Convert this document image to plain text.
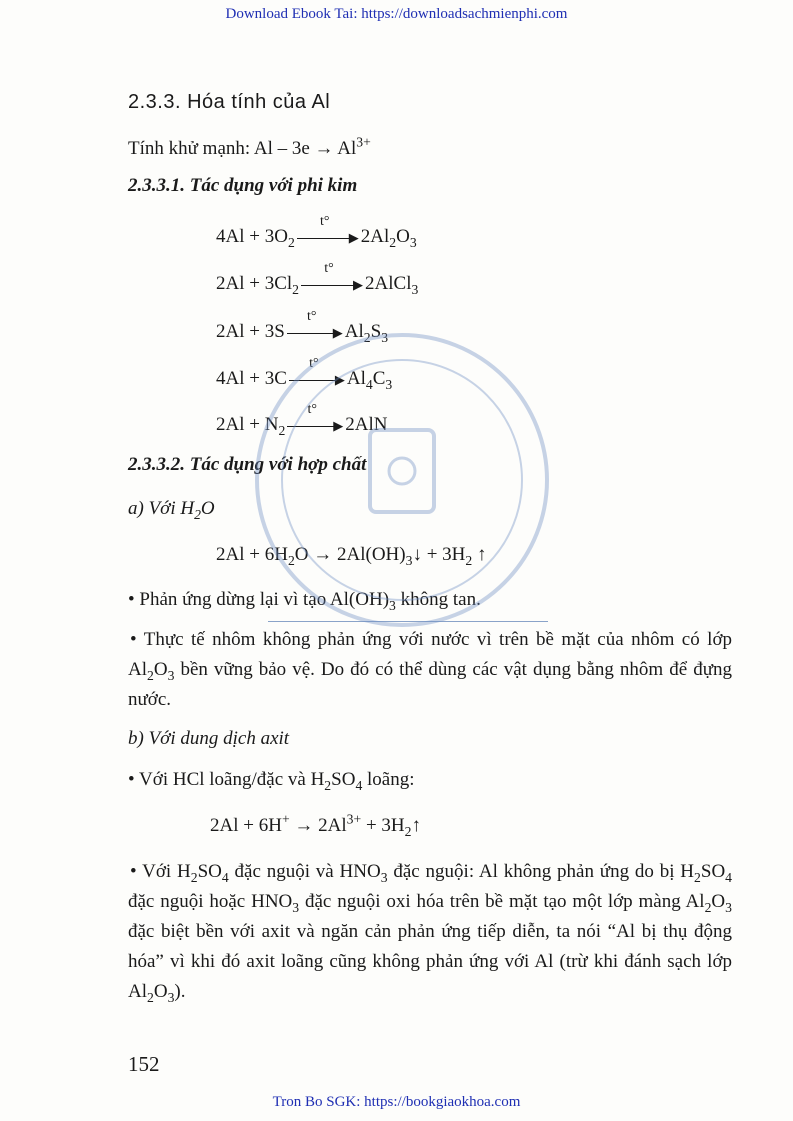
Download Ebook Tai: https://downloadsachmienphi.com
2.3.3. Hóa tính của Al
Tính khử mạnh: $Al - 3e \to Al^{3+}$
2.3.3.1. Tác dụng với phi kim
$4Al + 3O_2$	▶
t°
$2Al_2O_3$
$2Al + 3Cl_2$	▶
t°
2AlCl$_3$
2Al + 3S	▶
t°
$Al_2S_3$
4Al + 3C	▶
t°
$Al_4C_3$
$2Al + N_2$	▶
t°
2AlN
2.3.3.2. Tác dụng với hợp chất
a) Với $H_2O$
$2Al + 6H_2O$ → $2Al(OH)_3↓ + 3H_2$ ↑
• Phản ứng dừng lại vì tạo $Al(OH)_3$ không tan.

• Thực tế nhôm không phản ứng với nước vì trên bề mặt của nhôm có lớp $Al_2O_3$ bền vững bảo vệ. Do đó có thể dùng các vật dụng bằng nhôm để đựng nước.

b) Với dung dịch axit
• Với HCl loãng/đặc và $H_2SO_4$ loãng:
$2Al + 6H^+ \to 2Al^{3+}$ + $3H_2↑$

• Với $H_2SO_4$ đặc nguội và $HNO_3$ đặc nguội: Al không phản ứng do bị $H_2SO_4$ đặc nguội hoặc $HNO_3$ đặc nguội oxi hóa trên bề mặt tạo một lớp màng $Al_2O_3$ đặc biệt bền với axit và ngăn cản phản ứng tiếp diễn, ta nói “Al bị thụ động hóa” vì khi đó axit loãng cũng không phản ứng với Al (trừ khi đánh sạch lớp $Al_2O_3$).

152
Tron Bo SGK: https://bookgiaokhoa.com
